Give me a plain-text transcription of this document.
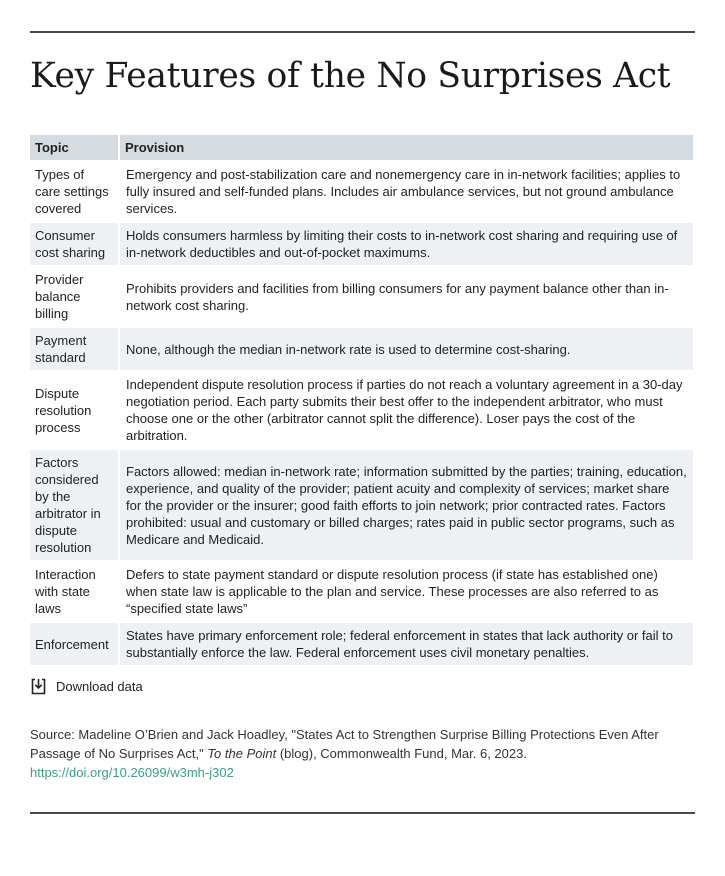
Key Features of the No Surprises Act
Topic	Provision
Types of care settings covered	Emergency and post-stabilization care and nonemergency care in in-network facilities; applies to fully insured and self-funded plans. Includes air ambulance services, but not ground ambulance services.
Consumer cost sharing	Holds consumers harmless by limiting their costs to in-network cost sharing and requiring use of in-network deductibles and out-of-pocket maximums.
Provider balance billing	Prohibits providers and facilities from billing consumers for any payment balance other than in-network cost sharing.
Payment standard	None, although the median in-network rate is used to determine cost-sharing.
Dispute resolution process	Independent dispute resolution process if parties do not reach a voluntary agreement in a 30-day negotiation period. Each party submits their best offer to the independent arbitrator, who must choose one or the other (arbitrator cannot split the difference). Loser pays the cost of the arbitration.
Factors considered by the arbitrator in dispute resolution	Factors allowed: median in-network rate; information submitted by the parties; training, education, experience, and quality of the provider; patient acuity and complexity of services; market share for the provider or the insurer; good faith efforts to join network; prior contracted rates. Factors prohibited: usual and customary or billed charges; rates paid in public sector programs, such as Medicare and Medicaid.
Interaction with state laws	Defers to state payment standard or dispute resolution process (if state has established one) when state law is applicable to the plan and service. These processes are also referred to as “specified state laws”
Enforcement	States have primary enforcement role; federal enforcement in states that lack authority or fail to substantially enforce the law. Federal enforcement uses civil monetary penalties.
Download data
Source: Madeline O’Brien and Jack Hoadley, "States Act to Strengthen Surprise Billing Protections Even After Passage of No Surprises Act," To the Point (blog), Commonwealth Fund, Mar. 6, 2023.
https://doi.org/10.26099/w3mh-j302
